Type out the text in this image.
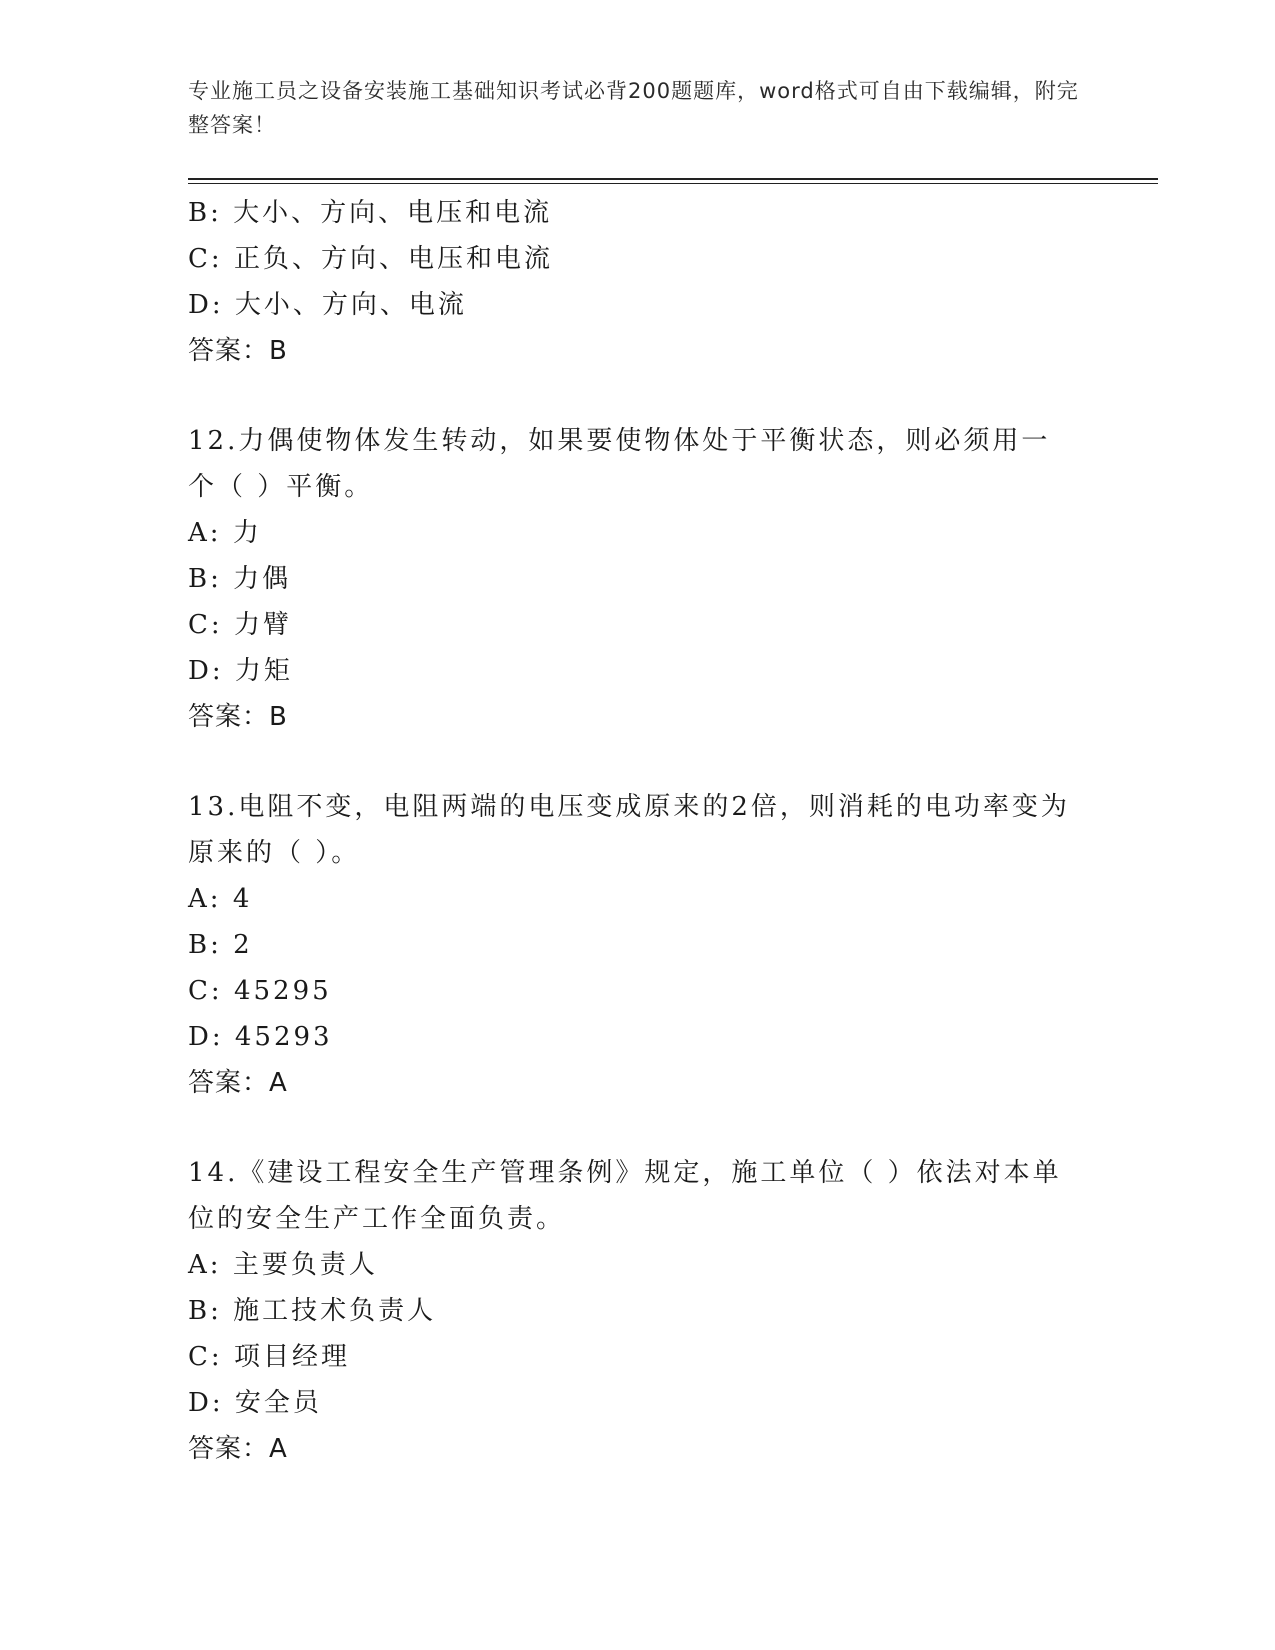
专业施工员之设备安装施工基础知识考试必背200题题库，word格式可自由下载编辑，附完整答案！
B: 大小、方向、电压和电流
C: 正负、方向、电压和电流
D: 大小、方向、电流
答案：B
12.力偶使物体发生转动，如果要使物体处于平衡状态，则必须用一个（ ）平衡。
A: 力
B: 力偶
C: 力臂
D: 力矩
答案：B
13.电阻不变，电阻两端的电压变成原来的2倍，则消耗的电功率变为原来的（ ）。
A: 4
B: 2
C: 45295
D: 45293
答案：A
14.《建设工程安全生产管理条例》规定，施工单位（ ）依法对本单位的安全生产工作全面负责。
A: 主要负责人
B: 施工技术负责人
C: 项目经理
D: 安全员
答案：A
